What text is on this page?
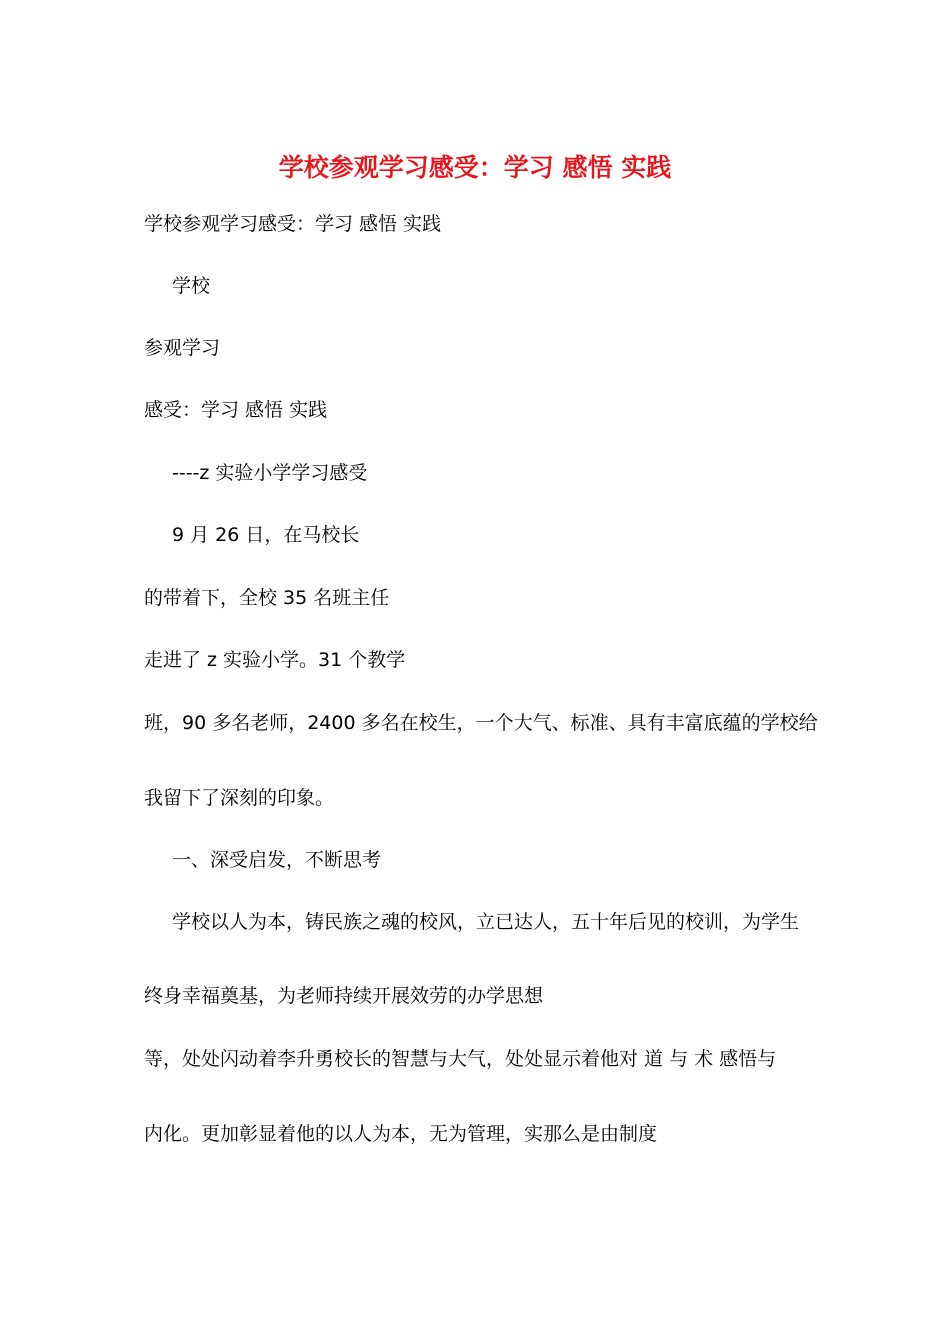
学校参观学习感受：学习 感悟 实践

学校参观学习感受：学习 感悟 实践

学校

参观学习

感受：学习 感悟 实践

----z 实验小学学习感受

9 月 26 日，在马校长

的带着下，全校 35 名班主任

走进了 z 实验小学。31 个教学

班，90 多名老师，2400 多名在校生，一个大气、标准、具有丰富底蕴的学校给

我留下了深刻的印象。

一、深受启发，不断思考

学校以人为本，铸民族之魂的校风，立已达人，五十年后见的校训，为学生

终身幸福奠基，为老师持续开展效劳的办学思想

等，处处闪动着李升勇校长的智慧与大气，处处显示着他对 道 与 术 感悟与

内化。更加彰显着他的以人为本，无为管理，实那么是由制度
